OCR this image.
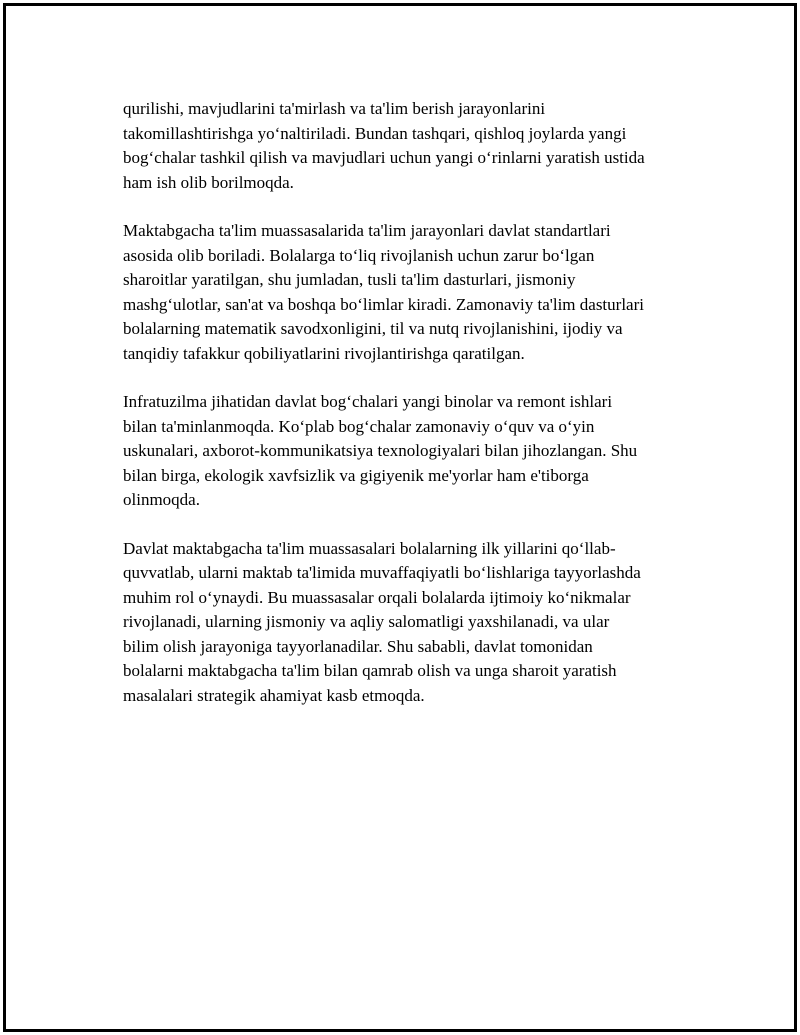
qurilishi, mavjudlarini ta'mirlash va ta'lim berish jarayonlarini
takomillashtirishga yo‘naltiriladi. Bundan tashqari, qishloq joylarda yangi
bog‘chalar tashkil qilish va mavjudlari uchun yangi o‘rinlarni yaratish ustida
ham ish olib borilmoqda.

Maktabgacha ta'lim muassasalarida ta'lim jarayonlari davlat standartlari
asosida olib boriladi. Bolalarga to‘liq rivojlanish uchun zarur bo‘lgan
sharoitlar yaratilgan, shu jumladan, tusli ta'lim dasturlari, jismoniy
mashg‘ulotlar, san'at va boshqa bo‘limlar kiradi. Zamonaviy ta'lim dasturlari
bolalarning matematik savodxonligini, til va nutq rivojlanishini, ijodiy va
tanqidiy tafakkur qobiliyatlarini rivojlantirishga qaratilgan.

Infratuzilma jihatidan davlat bog‘chalari yangi binolar va remont ishlari
bilan ta'minlanmoqda. Ko‘plab bog‘chalar zamonaviy o‘quv va o‘yin
uskunalari, axborot-kommunikatsiya texnologiyalari bilan jihozlangan. Shu
bilan birga, ekologik xavfsizlik va gigiyenik me'yorlar ham e'tiborga
olinmoqda.

Davlat maktabgacha ta'lim muassasalari bolalarning ilk yillarini qo‘llab-
quvvatlab, ularni maktab ta'limida muvaffaqiyatli bo‘lishlariga tayyorlashda
muhim rol o‘ynaydi. Bu muassasalar orqali bolalarda ijtimoiy ko‘nikmalar
rivojlanadi, ularning jismoniy va aqliy salomatligi yaxshilanadi, va ular
bilim olish jarayoniga tayyorlanadilar. Shu sababli, davlat tomonidan
bolalarni maktabgacha ta'lim bilan qamrab olish va unga sharoit yaratish
masalalari strategik ahamiyat kasb etmoqda.
